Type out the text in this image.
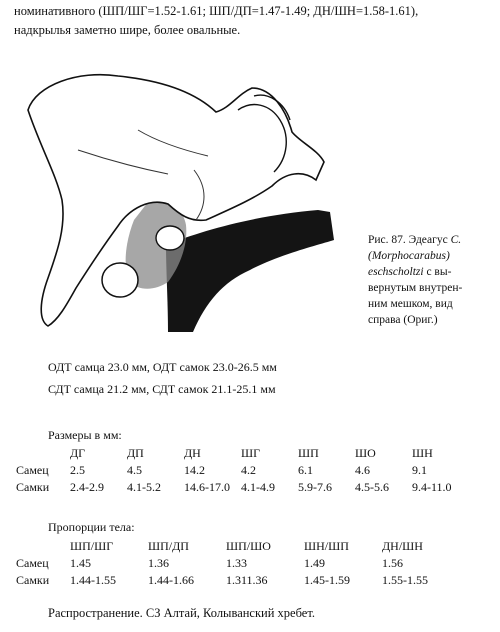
номинативного (ШП/ШГ=1.52-1.61; ШП/ДП=1.47-1.49; ДН/ШН=1.58-1.61),

надкрылья заметно шире, более овальные.

Рис. 87. Эдеагус C.

(Morphocarabus)

eschscholtzi с вы-

вернутым внутрен-

ним мешком, вид

справа (Ориг.)

ОДТ самца 23.0 мм, ОДТ самок 23.0-26.5 мм

СДТ самца 21.2 мм, СДТ самок 21.1-25.1 мм

Размеры в мм:

	ДГ	ДП	ДН	ШГ	ШП	ШО	ШН
Самец	2.5	4.5	14.2	4.2	6.1	4.6	9.1
Самки	2.4-2.9	4.1-5.2	14.6-17.0	4.1-4.9	5.9-7.6	4.5-5.6	9.4-11.0

Пропорции тела:

	ШП/ШГ	ШП/ДП	ШП/ШО	ШН/ШП	ДН/ШН
Самец	1.45	1.36	1.33	1.49	1.56
Самки	1.44-1.55	1.44-1.66	1.311.36	1.45-1.59	1.55-1.55

Распространение. СЗ Алтай, Колыванский хребет.
